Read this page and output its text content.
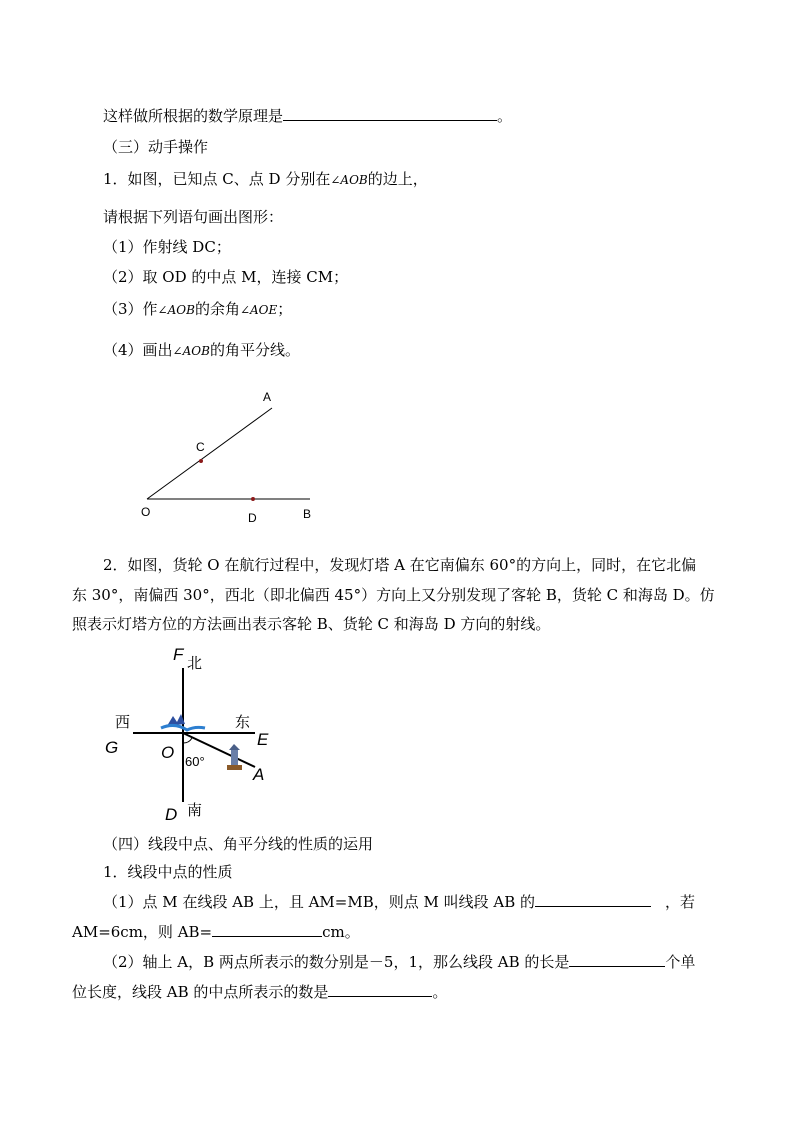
这样做所根据的数学原理是	。
（三）动手操作
1．如图，已知点 C、点 D 分别在∠AOB的边上，
请根据下列语句画出图形：
（1）作射线 DC；
（2）取 OD 的中点 M，连接 CM；
（3）作∠AOB的余角∠AOE；
（4）画出∠AOB的角平分线。
A
C
O	D	B
2．如图，货轮 O 在航行过程中，发现灯塔 A 在它南偏东 60°的方向上，同时，在它北偏
东 30°，南偏西 30°，西北（即北偏西 45°）方向上又分别发现了客轮 B，货轮 C 和海岛 D。仿
照表示灯塔方位的方法画出表示客轮 B、货轮 C 和海岛 D 方向的射线。
F 北
西	东
G	O
E
60°
A
D 南
（四）线段中点、角平分线的性质的运用
1．线段中点的性质
（1）点 M 在线段 AB 上，且 AM=MB，则点 M 叫线段 AB 的	，若
AM=6cm，则 AB=	cm。
（2）轴上 A，B 两点所表示的数分别是－5，1，那么线段 AB 的长是	个单
位长度，线段 AB 的中点所表示的数是	。
